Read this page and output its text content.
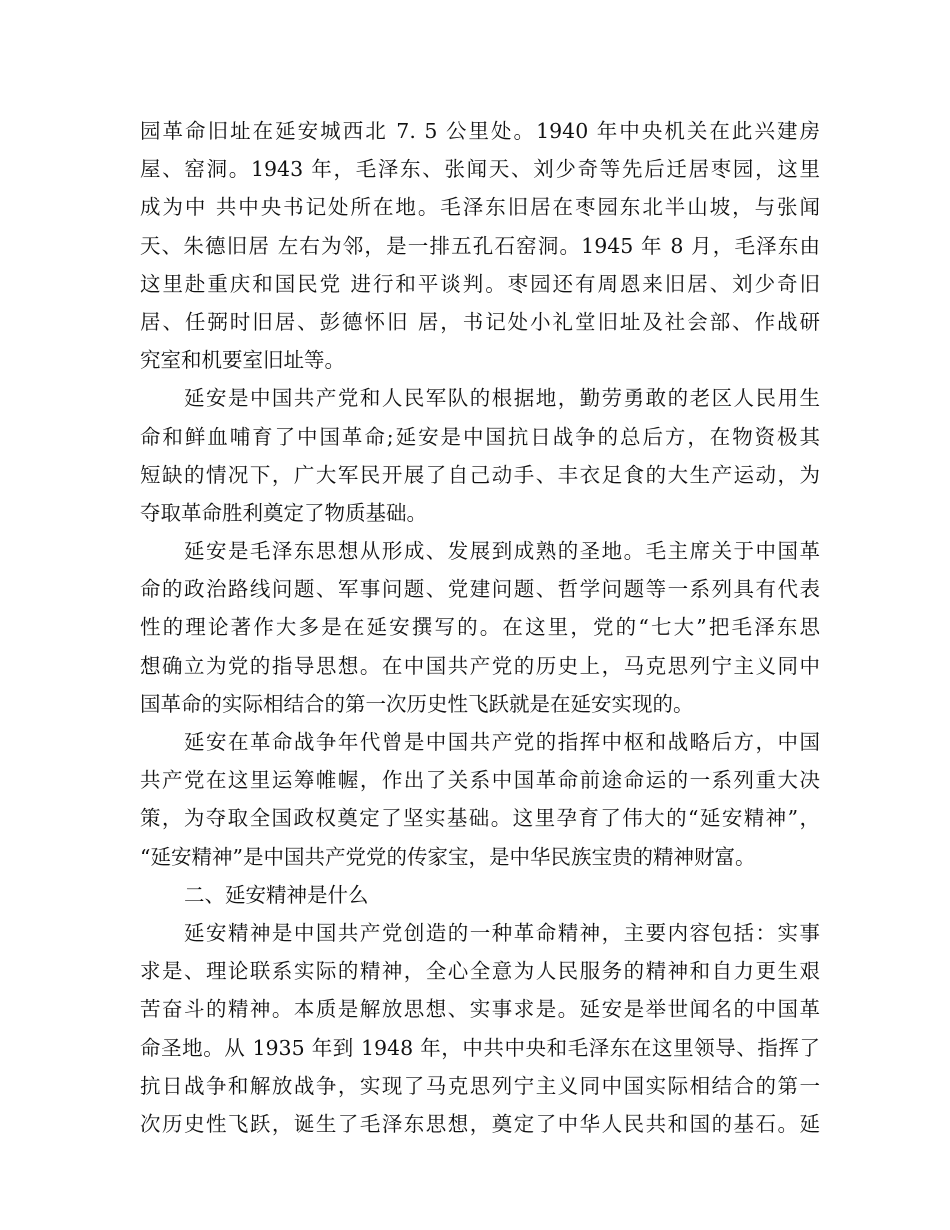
园革命旧址在延安城西北 7. 5 公里处。1940 年中央机关在此兴建房
屋、窑洞。1943 年，毛泽东、张闻天、刘少奇等先后迁居枣园，这里
成为中 共中央书记处所在地。毛泽东旧居在枣园东北半山坡，与张闻
天、朱德旧居 左右为邻，是一排五孔石窑洞。1945 年 8 月，毛泽东由
这里赴重庆和国民党 进行和平谈判。枣园还有周恩来旧居、刘少奇旧
居、任弼时旧居、彭德怀旧 居，书记处小礼堂旧址及社会部、作战研
究室和机要室旧址等。
延安是中国共产党和人民军队的根据地，勤劳勇敢的老区人民用生
命和鲜血哺育了中国革命;延安是中国抗日战争的总后方，在物资极其
短缺的情况下，广大军民开展了自己动手、丰衣足食的大生产运动，为
夺取革命胜利奠定了物质基础。
延安是毛泽东思想从形成、发展到成熟的圣地。毛主席关于中国革
命的政治路线问题、军事问题、党建问题、哲学问题等一系列具有代表
性的理论著作大多是在延安撰写的。在这里，党的“七大”把毛泽东思
想确立为党的指导思想。在中国共产党的历史上，马克思列宁主义同中
国革命的实际相结合的第一次历史性飞跃就是在延安实现的。
延安在革命战争年代曾是中国共产党的指挥中枢和战略后方，中国
共产党在这里运筹帷幄，作出了关系中国革命前途命运的一系列重大决
策，为夺取全国政权奠定了坚实基础。这里孕育了伟大的“延安精神”，
“延安精神”是中国共产党党的传家宝，是中华民族宝贵的精神财富。
二、延安精神是什么
延安精神是中国共产党创造的一种革命精神，主要内容包括：实事
求是、理论联系实际的精神，全心全意为人民服务的精神和自力更生艰
苦奋斗的精神。本质是解放思想、实事求是。延安是举世闻名的中国革
命圣地。从 1935 年到 1948 年，中共中央和毛泽东在这里领导、指挥了
抗日战争和解放战争，实现了马克思列宁主义同中国实际相结合的第一
次历史性飞跃，诞生了毛泽东思想，奠定了中华人民共和国的基石。延
